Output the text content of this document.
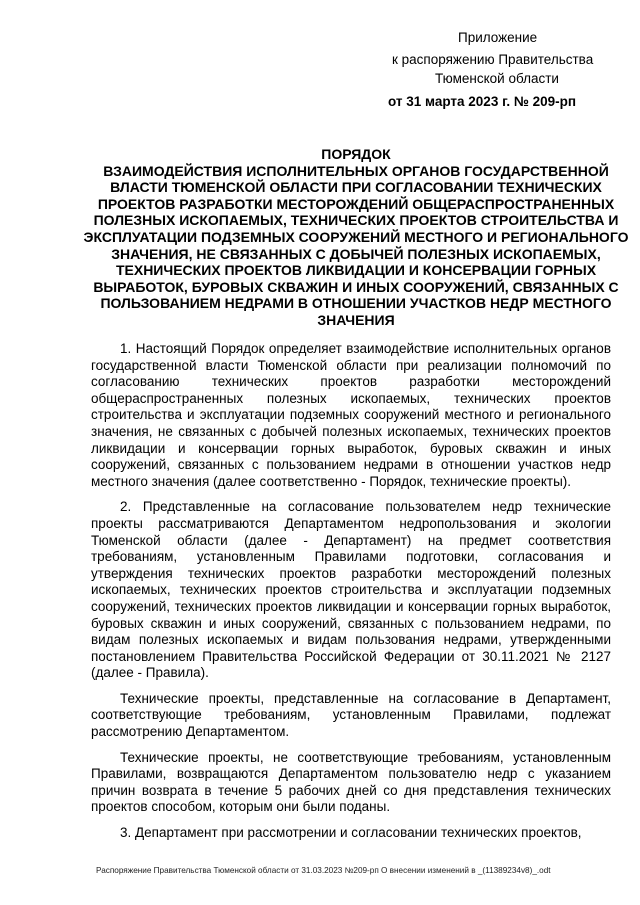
Приложение
к распоряжению Правительства
Тюменской области
от 31 марта 2023 г. № 209-рп
ПОРЯДОК
ВЗАИМОДЕЙСТВИЯ ИСПОЛНИТЕЛЬНЫХ ОРГАНОВ ГОСУДАРСТВЕННОЙ ВЛАСТИ ТЮМЕНСКОЙ ОБЛАСТИ ПРИ СОГЛАСОВАНИИ ТЕХНИЧЕСКИХ ПРОЕКТОВ РАЗРАБОТКИ МЕСТОРОЖДЕНИЙ ОБЩЕРАСПРОСТРАНЕННЫХ ПОЛЕЗНЫХ ИСКОПАЕМЫХ, ТЕХНИЧЕСКИХ ПРОЕКТОВ СТРОИТЕЛЬСТВА И ЭКСПЛУАТАЦИИ ПОДЗЕМНЫХ СООРУЖЕНИЙ МЕСТНОГО И РЕГИОНАЛЬНОГО ЗНАЧЕНИЯ, НЕ СВЯЗАННЫХ С ДОБЫЧЕЙ ПОЛЕЗНЫХ ИСКОПАЕМЫХ, ТЕХНИЧЕСКИХ ПРОЕКТОВ ЛИКВИДАЦИИ И КОНСЕРВАЦИИ ГОРНЫХ ВЫРАБОТОК, БУРОВЫХ СКВАЖИН И ИНЫХ СООРУЖЕНИЙ, СВЯЗАННЫХ С ПОЛЬЗОВАНИЕМ НЕДРАМИ В ОТНОШЕНИИ УЧАСТКОВ НЕДР МЕСТНОГО ЗНАЧЕНИЯ

1. Настоящий Порядок определяет взаимодействие исполнительных органов государственной власти Тюменской области при реализации полномочий по согласованию технических проектов разработки месторождений общераспространенных полезных ископаемых, технических проектов строительства и эксплуатации подземных сооружений местного и регионального значения, не связанных с добычей полезных ископаемых, технических проектов ликвидации и консервации горных выработок, буровых скважин и иных сооружений, связанных с пользованием недрами в отношении участков недр местного значения (далее соответственно - Порядок, технические проекты).

2. Представленные на согласование пользователем недр технические проекты рассматриваются Департаментом недропользования и экологии Тюменской области (далее - Департамент) на предмет соответствия требованиям, установленным Правилами подготовки, согласования и утверждения технических проектов разработки месторождений полезных ископаемых, технических проектов строительства и эксплуатации подземных сооружений, технических проектов ликвидации и консервации горных выработок, буровых скважин и иных сооружений, связанных с пользованием недрами, по видам полезных ископаемых и видам пользования недрами, утвержденными постановлением Правительства Российской Федерации от 30.11.2021 № 2127 (далее - Правила).

Технические проекты, представленные на согласование в Департамент, соответствующие требованиям, установленным Правилами, подлежат рассмотрению Департаментом.

Технические проекты, не соответствующие требованиям, установленным Правилами, возвращаются Департаментом пользователю недр с указанием причин возврата в течение 5 рабочих дней со дня представления технических проектов способом, которым они были поданы.

3. Департамент при рассмотрении и согласовании технических проектов,

Распоряжение Правительства Тюменской области от 31.03.2023 №209-рп О внесении изменений в _(11389234v8)_.odt
